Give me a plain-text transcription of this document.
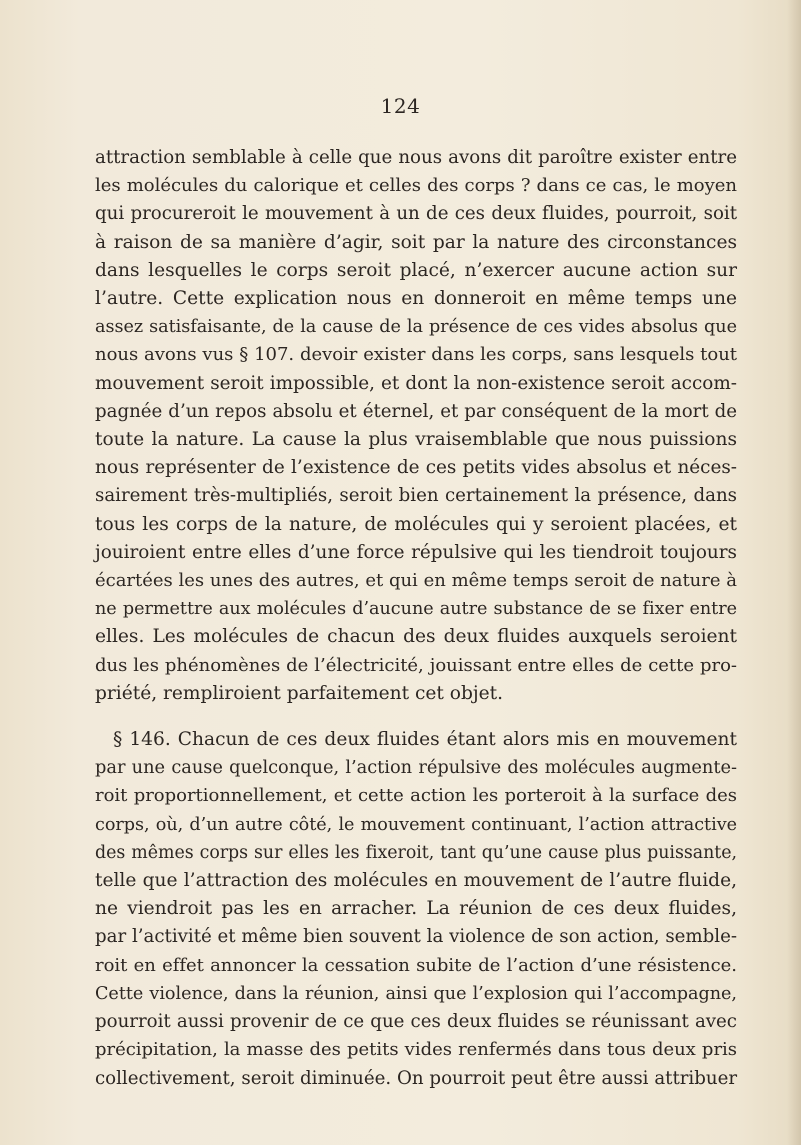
124
attraction semblable à celle que nous avons dit paroître exister entre
les molécules du calorique et celles des corps ? dans ce cas, le moyen
qui procureroit le mouvement à un de ces deux fluides, pourroit, soit
à raison de sa manière d’agir, soit par la nature des circonstances
dans lesquelles le corps seroit placé, n’exercer aucune action sur
l’autre. Cette explication nous en donneroit en même temps une
assez satisfaisante, de la cause de la présence de ces vides absolus que
nous avons vus § 107. devoir exister dans les corps, sans lesquels tout
mouvement seroit impossible, et dont la non-existence seroit accom-
pagnée d’un repos absolu et éternel, et par conséquent de la mort de
toute la nature. La cause la plus vraisemblable que nous puissions
nous représenter de l’existence de ces petits vides absolus et néces-
sairement très-multipliés, seroit bien certainement la présence, dans
tous les corps de la nature, de molécules qui y seroient placées, et
jouiroient entre elles d’une force répulsive qui les tiendroit toujours
écartées les unes des autres, et qui en même temps seroit de nature à
ne permettre aux molécules d’aucune autre substance de se fixer entre
elles. Les molécules de chacun des deux fluides auxquels seroient
dus les phénomènes de l’électricité, jouissant entre elles de cette pro-
priété, rempliroient parfaitement cet objet.
§ 146. Chacun de ces deux fluides étant alors mis en mouvement
par une cause quelconque, l’action répulsive des molécules augmente-
roit proportionnellement, et cette action les porteroit à la surface des
corps, où, d’un autre côté, le mouvement continuant, l’action attractive
des mêmes corps sur elles les fixeroit, tant qu’une cause plus puissante,
telle que l’attraction des molécules en mouvement de l’autre fluide,
ne viendroit pas les en arracher. La réunion de ces deux fluides,
par l’activité et même bien souvent la violence de son action, semble-
roit en effet annoncer la cessation subite de l’action d’une résistence.
Cette violence, dans la réunion, ainsi que l’explosion qui l’accompagne,
pourroit aussi provenir de ce que ces deux fluides se réunissant avec
précipitation, la masse des petits vides renfermés dans tous deux pris
collectivement, seroit diminuée. On pourroit peut être aussi attribuer
